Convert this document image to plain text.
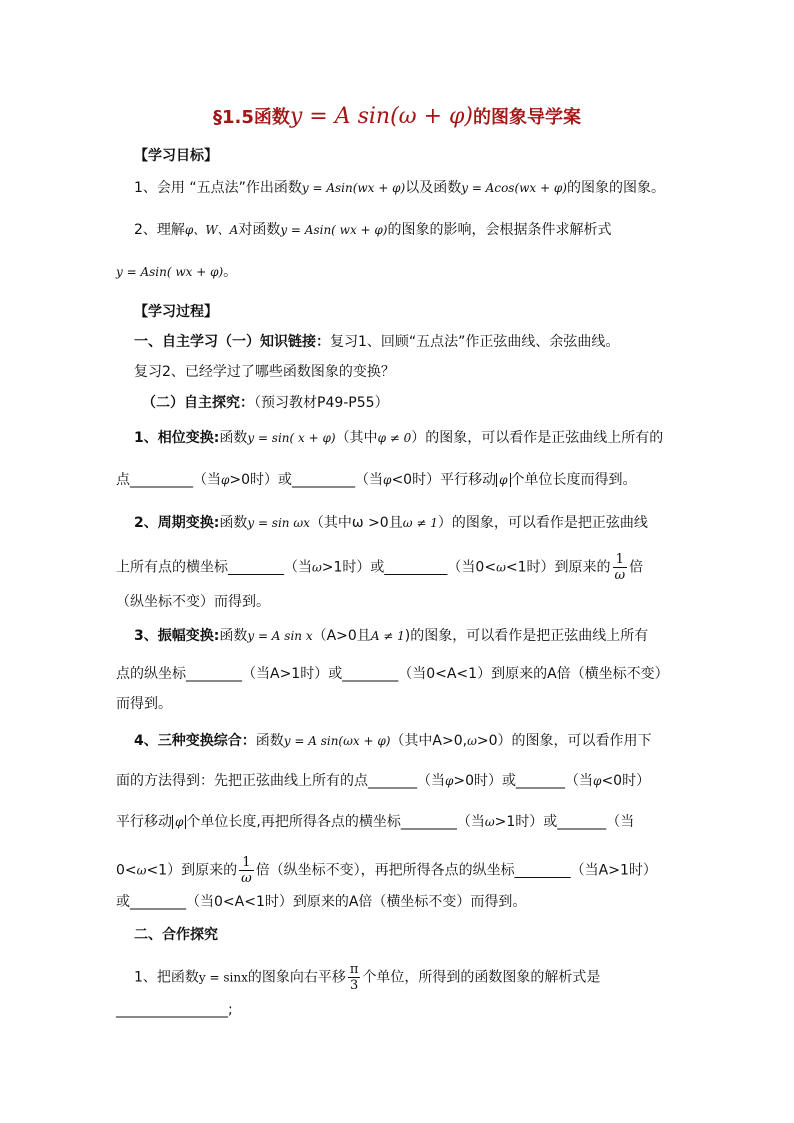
§1.5函数y = A sin(ω + φ)的图象导学案
【学习目标】
1、会用 “五点法”作出函数y = Asin(wx + φ)以及函数y = Acos(wx + φ)的图象的图象。
2、理解φ、W、A对函数y = Asin( wx + φ)的图象的影响，会根据条件求解析式
y = Asin( wx + φ)。
【学习过程】
一、自主学习（一）知识链接：复习1、回顾“五点法”作正弦曲线、余弦曲线。
复习2、已经学过了哪些函数图象的变换？
（二）自主探究：（预习教材P49-P55）
1、相位变换:函数y = sin( x + φ)（其中φ ≠ 0）的图象，可以看作是正弦曲线上所有的
点_________（当φ>0时）或_________（当φ<0时）平行移动 φ 个单位长度而得到。
2、周期变换:函数y = sin ωx（其中ω >0且ω ≠ 1）的图象，可以看作是把正弦曲线
上所有点的横坐标________（当ω>1时）或_________（当0<ω<1时）到原来的 $\frac{1}{\omega}$ 倍
（纵坐标不变）而得到。
3、振幅变换:函数y = A sin x（A>0且A ≠ 1)的图象，可以看作是把正弦曲线上所有
点的纵坐标________（当A>1时）或________（当0<A<1）到原来的A倍（横坐标不变）
而得到。
4、三种变换综合：函数y = A sin(ωx + φ)（其中A>0,ω>0）的图象，可以看作用下
面的方法得到：先把正弦曲线上所有的点_______（当φ>0时）或_______（当φ<0时）
平行移动 φ 个单位长度,再把所得各点的横坐标________（当ω>1时）或_______（当
0<ω<1）到原来的 $\frac{1}{\omega}$ 倍（纵坐标不变），再把所得各点的纵坐标________（当A>1时）
或________（当0<A<1时）到原来的A倍（横坐标不变）而得到。
二、合作探究
1、把函数y = sinx的图象向右平移 $\frac{\pi}{3}$ 个单位，所得到的函数图象的解析式是
________________;
